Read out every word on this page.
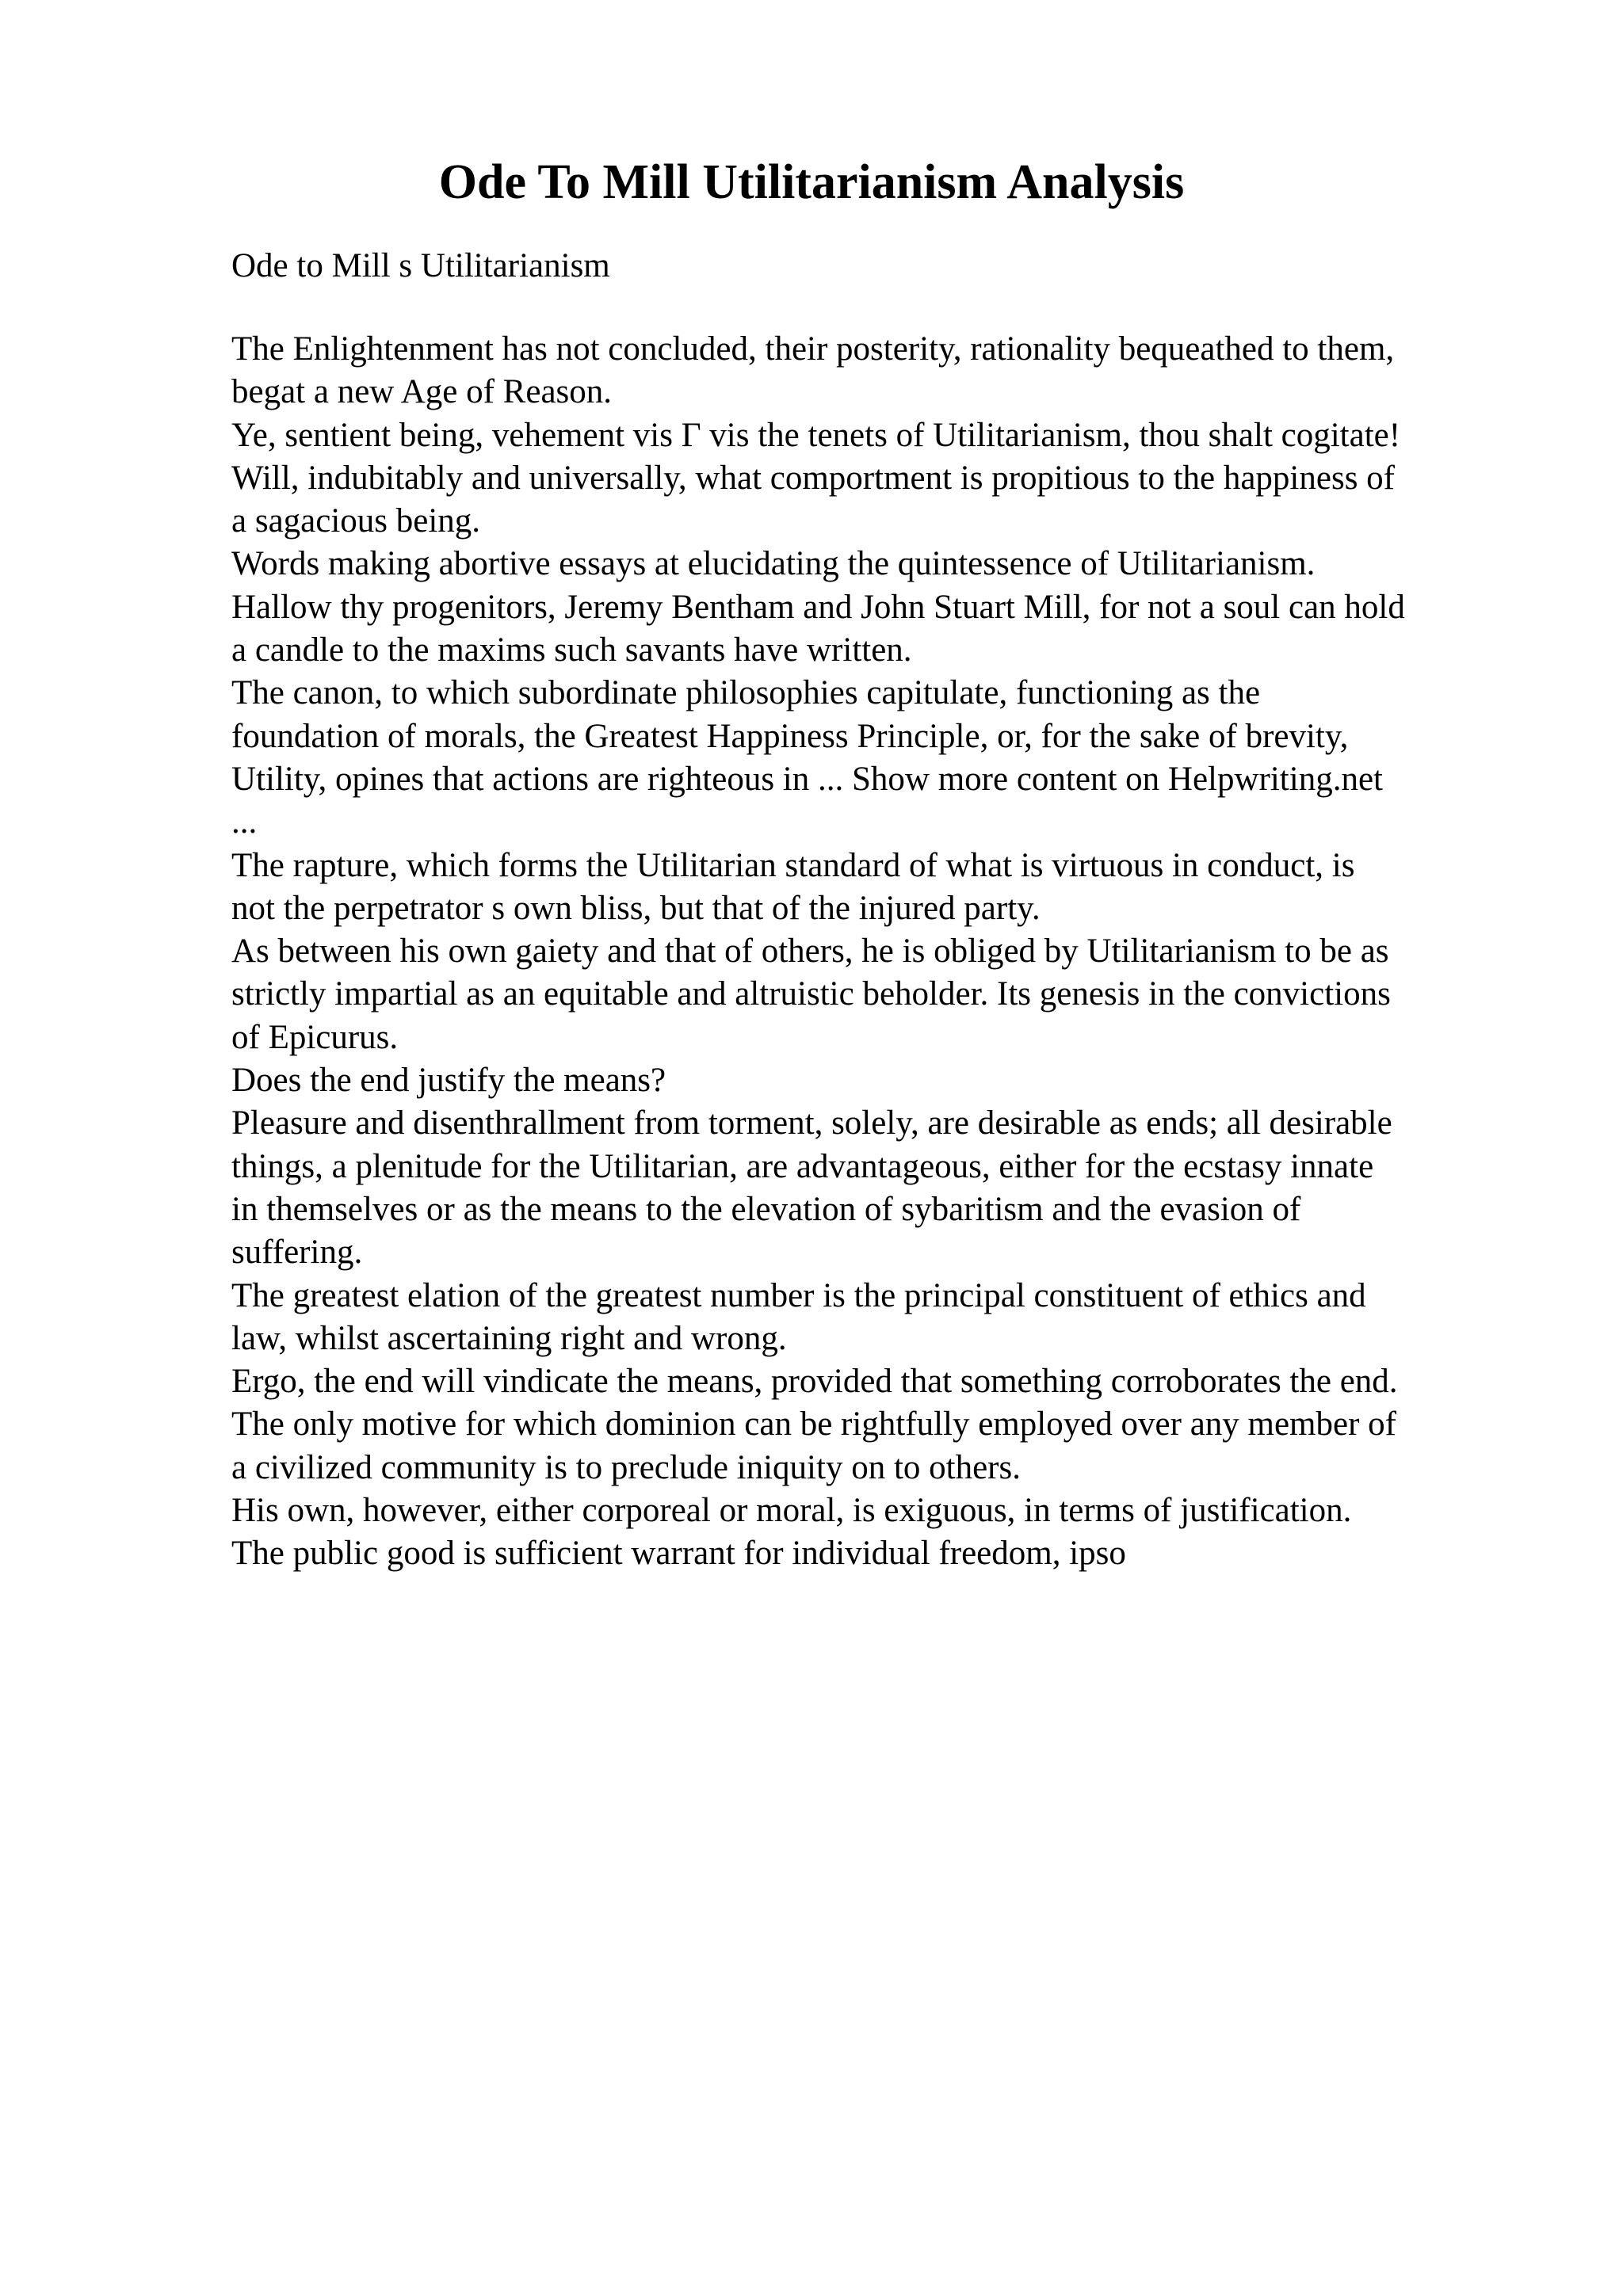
Ode To Mill Utilitarianism Analysis

Ode to Mill s Utilitarianism

The Enlightenment has not concluded, their posterity, rationality bequeathed to them,
begat a new Age of Reason.
Ye, sentient being, vehement vis Г vis the tenets of Utilitarianism, thou shalt cogitate!
Will, indubitably and universally, what comportment is propitious to the happiness of
a sagacious being.
Words making abortive essays at elucidating the quintessence of Utilitarianism.
Hallow thy progenitors, Jeremy Bentham and John Stuart Mill, for not a soul can hold
a candle to the maxims such savants have written.
The canon, to which subordinate philosophies capitulate, functioning as the
foundation of morals, the Greatest Happiness Principle, or, for the sake of brevity,
Utility, opines that actions are righteous in ... Show more content on Helpwriting.net
...
The rapture, which forms the Utilitarian standard of what is virtuous in conduct, is
not the perpetrator s own bliss, but that of the injured party.
As between his own gaiety and that of others, he is obliged by Utilitarianism to be as
strictly impartial as an equitable and altruistic beholder. Its genesis in the convictions
of Epicurus.
Does the end justify the means?
Pleasure and disenthrallment from torment, solely, are desirable as ends; all desirable
things, a plenitude for the Utilitarian, are advantageous, either for the ecstasy innate
in themselves or as the means to the elevation of sybaritism and the evasion of
suffering.
The greatest elation of the greatest number is the principal constituent of ethics and
law, whilst ascertaining right and wrong.
Ergo, the end will vindicate the means, provided that something corroborates the end.
The only motive for which dominion can be rightfully employed over any member of
a civilized community is to preclude iniquity on to others.
His own, however, either corporeal or moral, is exiguous, in terms of justification.
The public good is sufficient warrant for individual freedom, ipso
